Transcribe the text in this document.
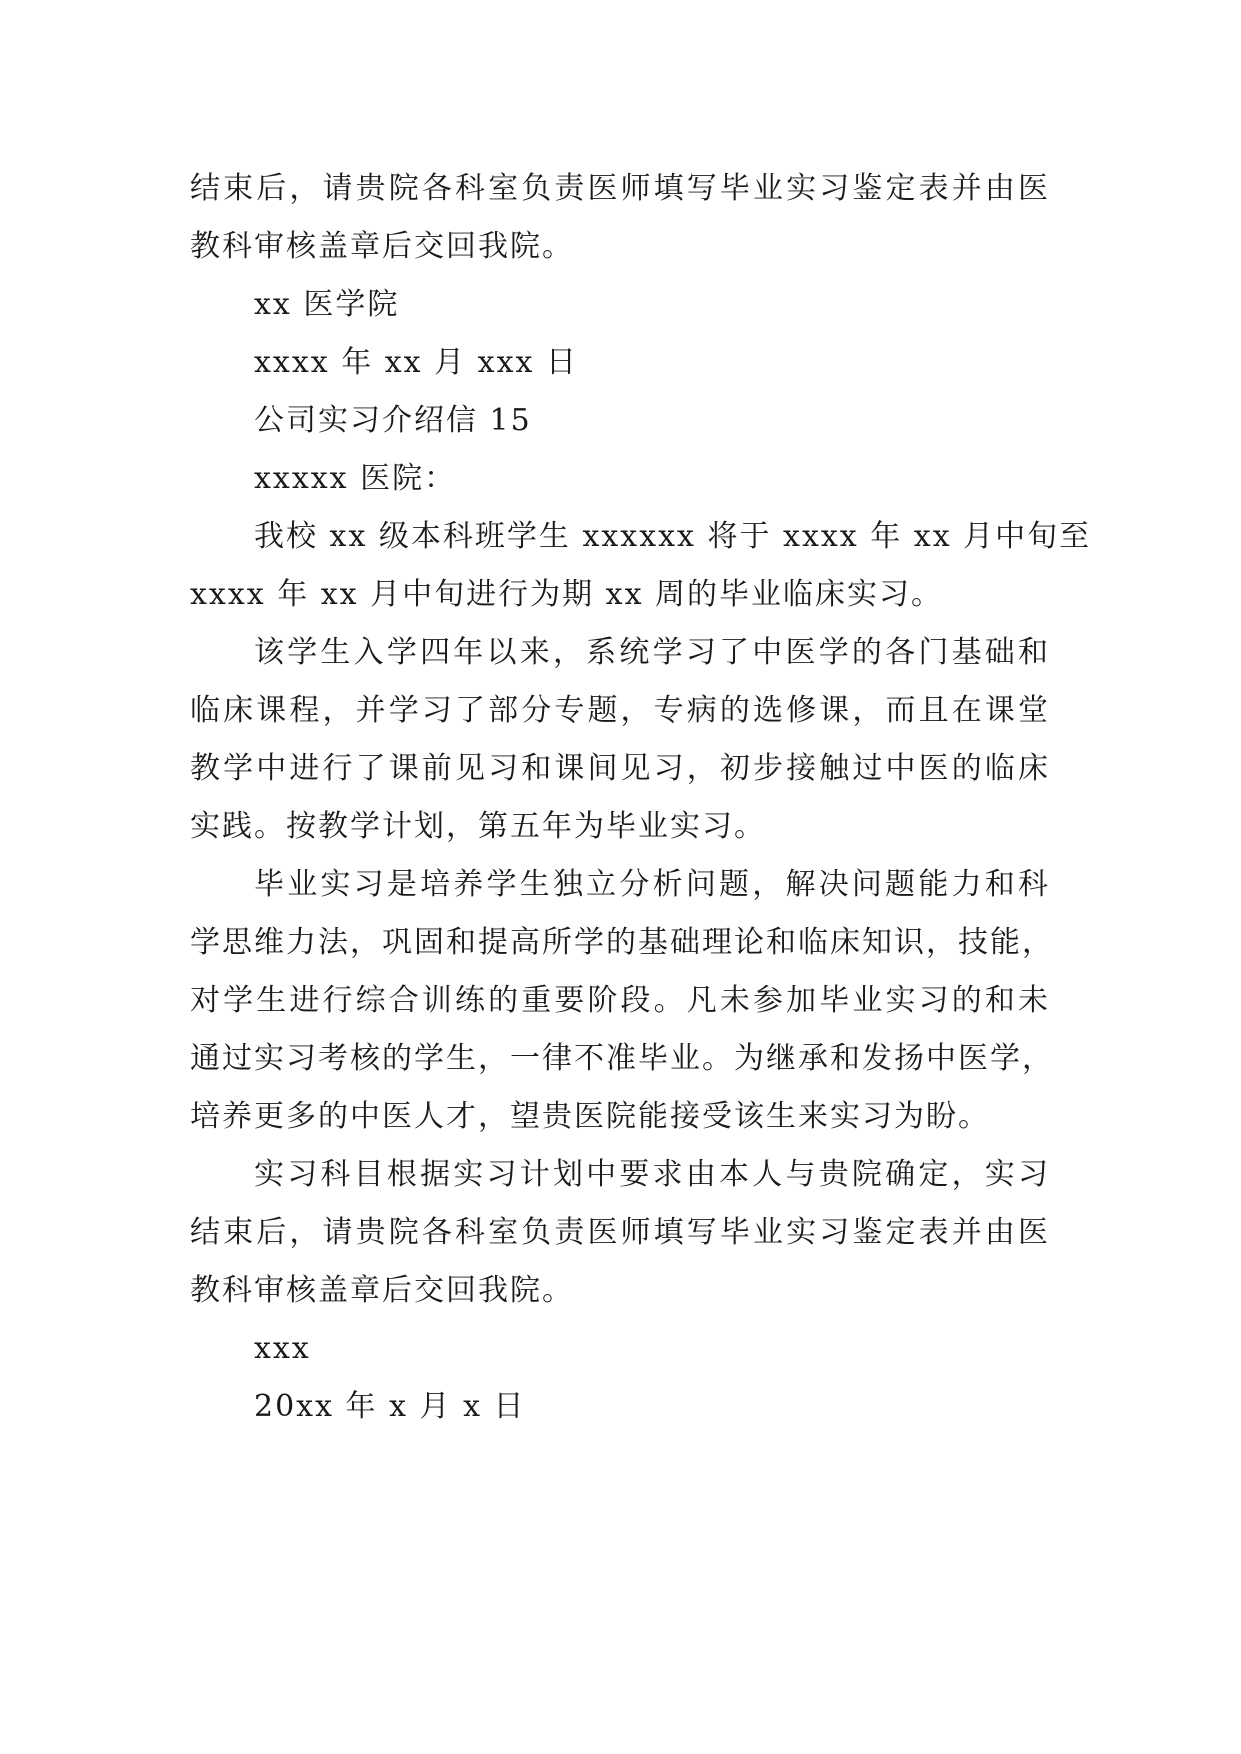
结束后，请贵院各科室负责医师填写毕业实习鉴定表并由医
教科审核盖章后交回我院。
xx 医学院
xxxx 年 xx 月 xxx 日
公司实习介绍信 15
xxxxx 医院：
我校 xx 级本科班学生 xxxxxx 将于 xxxx 年 xx 月中旬至
xxxx 年 xx 月中旬进行为期 xx 周的毕业临床实习。
该学生入学四年以来，系统学习了中医学的各门基础和
临床课程，并学习了部分专题，专病的选修课，而且在课堂
教学中进行了课前见习和课间见习，初步接触过中医的临床
实践。按教学计划，第五年为毕业实习。
毕业实习是培养学生独立分析问题，解决问题能力和科
学思维力法，巩固和提高所学的基础理论和临床知识，技能，
对学生进行综合训练的重要阶段。凡未参加毕业实习的和未
通过实习考核的学生，一律不准毕业。为继承和发扬中医学，
培养更多的中医人才，望贵医院能接受该生来实习为盼。
实习科目根据实习计划中要求由本人与贵院确定，实习
结束后，请贵院各科室负责医师填写毕业实习鉴定表并由医
教科审核盖章后交回我院。
xxx
20xx 年 x 月 x 日
